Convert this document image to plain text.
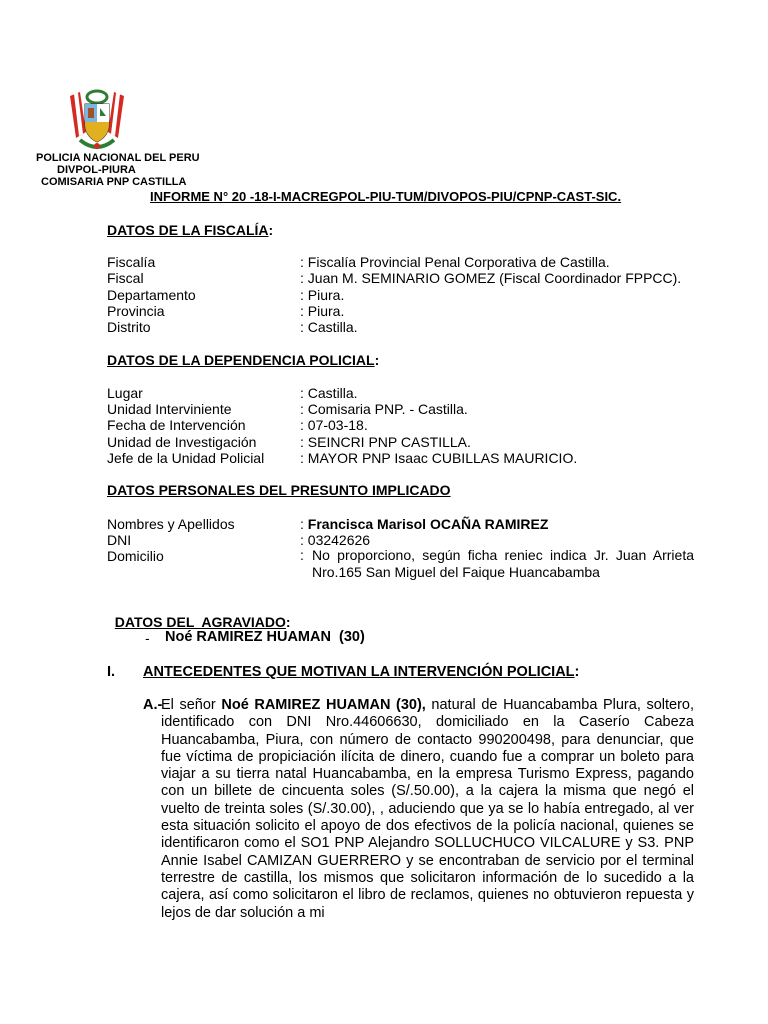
POLICIA NACIONAL DEL PERU
DIVPOL-PIURA
COMISARIA PNP CASTILLA
INFORME N° 20 -18-I-MACREGPOL-PIU-TUM/DIVOPOS-PIU/CPNP-CAST-SIC.
DATOS DE LA FISCALÍA:
Fiscalía	: Fiscalía Provincial Penal Corporativa de Castilla.
Fiscal	: Juan M. SEMINARIO GOMEZ (Fiscal Coordinador FPPCC).
Departamento	: Piura.
Provincia	: Piura.
Distrito	: Castilla.
DATOS DE LA DEPENDENCIA POLICIAL:
Lugar	: Castilla.
Unidad Interviniente	: Comisaria PNP. - Castilla.
Fecha de Intervención	: 07-03-18.
Unidad de Investigación	: SEINCRI PNP CASTILLA.
Jefe de la Unidad Policial	: MAYOR PNP Isaac CUBILLAS MAURICIO.
DATOS PERSONALES DEL PRESUNTO IMPLICADO
Nombres y Apellidos	: Francisca Marisol OCAÑA RAMIREZ
DNI	: 03242626
Domicilio	: No proporciono, según ficha reniec indica Jr. Juan Arrieta Nro.165 San Miguel del Faique Huancabamba

DATOS DEL  AGRAVIADO:

- Noé RAMIREZ HUAMAN  (30)
I. ANTECEDENTES QUE MOTIVAN LA INTERVENCIÓN POLICIAL:
A.-
El señor Noé RAMIREZ HUAMAN (30), natural de Huancabamba Plura, soltero, identificado con DNI Nro.44606630, domiciliado en la Caserío Cabeza Huancabamba, Piura, con número de contacto 990200498, para denunciar, que fue víctima de propiciación ilícita de dinero, cuando fue a comprar un boleto para viajar a su tierra natal Huancabamba, en la empresa Turismo Express, pagando con un billete de cincuenta soles (S/.50.00), a la cajera la misma que negó el vuelto de treinta soles (S/.30.00), , aduciendo que ya se lo había entregado, al ver esta situación solicito el apoyo de dos efectivos de la policía nacional, quienes se identificaron como el SO1 PNP Alejandro SOLLUCHUCO VILCALURE y S3. PNP Annie Isabel CAMIZAN GUERRERO y se encontraban de servicio por el terminal terrestre de castilla, los mismos que solicitaron información de lo sucedido a la cajera, así como solicitaron el libro de reclamos, quienes no obtuvieron repuesta y lejos de dar solución a mi
